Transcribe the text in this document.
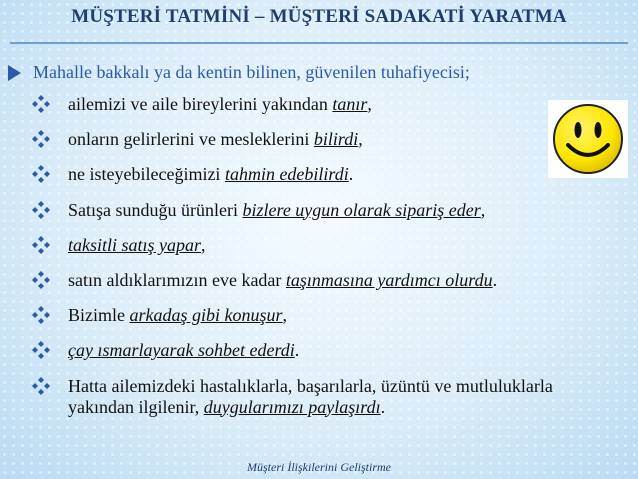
MÜŞTERİ TATMİNİ – MÜŞTERİ SADAKATİ YARATMA
Mahalle bakkalı ya da kentin bilinen, güvenilen tuhafiyecisi;
ailemizi ve aile bireylerini yakından tanır,
onların gelirlerini ve mesleklerini bilirdi,
ne isteyebileceğimizi tahmin edebilirdi.
Satışa sunduğu ürünleri bizlere uygun olarak sipariş eder,
taksitli satış yapar,
satın aldıklarımızın eve kadar taşınmasına yardımcı olurdu.
Bizimle arkadaş gibi konuşur,
çay ısmarlayarak sohbet ederdi.
Hatta ailemizdeki hastalıklarla, başarılarla, üzüntü ve mutluluklarla yakından ilgilenir, duygularımızı paylaşırdı.
Müşteri İlişkilerini Geliştirme
